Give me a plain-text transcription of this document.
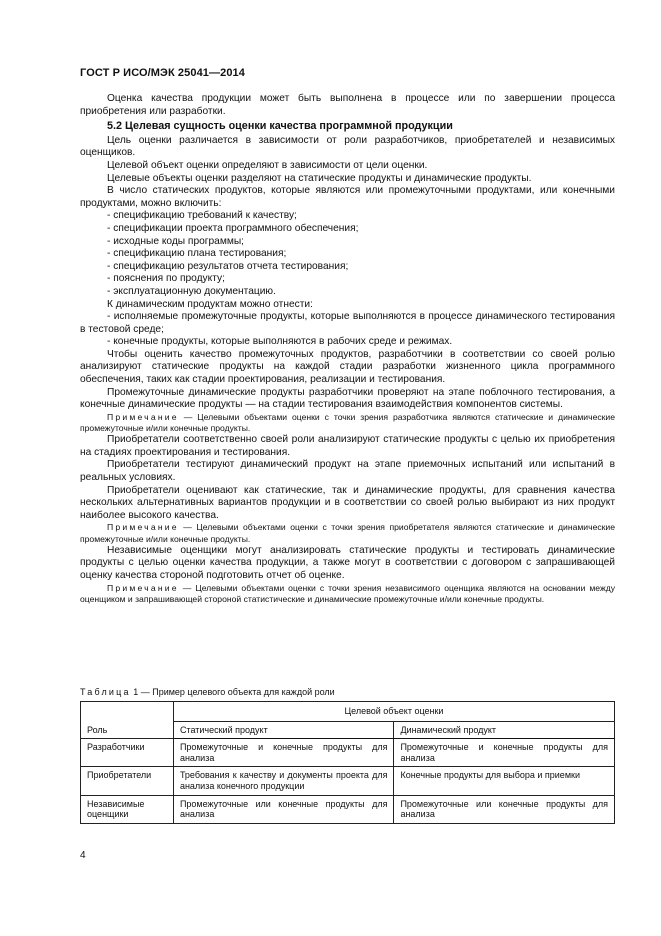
ГОСТ Р ИСО/МЭК 25041—2014

Оценка качества продукции может быть выполнена в процессе или по завершении процесса приобретения или разработки.

5.2 Целевая сущность оценки качества программной продукции

Цель оценки различается в зависимости от роли разработчиков, приобретателей и независимых оценщиков.

Целевой объект оценки определяют в зависимости от цели оценки.

Целевые объекты оценки разделяют на статические продукты и динамические продукты.

В число статических продуктов, которые являются или промежуточными продуктами, или конечными продуктами, можно включить:

- спецификацию требований к качеству;

- спецификации проекта программного обеспечения;

- исходные коды программы;

- спецификацию плана тестирования;

- спецификацию результатов отчета тестирования;

- пояснения по продукту;

- эксплуатационную документацию.

К динамическим продуктам можно отнести:

- исполняемые промежуточные продукты, которые выполняются в процессе динамического тестирования в тестовой среде;

- конечные продукты, которые выполняются в рабочих среде и режимах.

Чтобы оценить качество промежуточных продуктов, разработчики в соответствии со своей ролью анализируют статические продукты на каждой стадии разработки жизненного цикла программного обеспечения, таких как стадии проектирования, реализации и тестирования.

Промежуточные динамические продукты разработчики проверяют на этапе поблочного тестирования, а конечные динамические продукты — на стадии тестирования взаимодействия компонентов системы.

Примечание — Целевыми объектами оценки с точки зрения разработчика являются статические и динамические промежуточные и/или конечные продукты.

Приобретатели соответственно своей роли анализируют статические продукты с целью их приобретения на стадиях проектирования и тестирования.

Приобретатели тестируют динамический продукт на этапе приемочных испытаний или испытаний в реальных условиях.

Приобретатели оценивают как статические, так и динамические продукты, для сравнения качества нескольких альтернативных вариантов продукции и в соответствии со своей ролью выбирают из них продукт наиболее высокого качества.

Примечание — Целевыми объектами оценки с точки зрения приобретателя являются статические и динамические промежуточные и/или конечные продукты.

Независимые оценщики могут анализировать статические продукты и тестировать динамические продукты с целью оценки качества продукции, а также могут в соответствии с договором с запрашивающей оценку качества стороной подготовить отчет об оценке.

Примечание — Целевыми объектами оценки с точки зрения независимого оценщика являются на основании между оценщиком и запрашивающей стороной статистические и динамические промежуточные и/или конечные продукты.

Таблица 1 — Пример целевого объекта для каждой роли
Роль	Целевой объект оценки	
	Статический продукт	Динамический продукт
Разработчики	Промежуточные и конечные продукты для анализа	Промежуточные и конечные продукты для анализа
Приобретатели	Требования к качеству и документы проекта для анализа конечного продукции	Конечные продукты для выбора и приемки
Независимые оценщики	Промежуточные или конечные продукты для анализа	Промежуточные или конечные продукты для анализа
4
